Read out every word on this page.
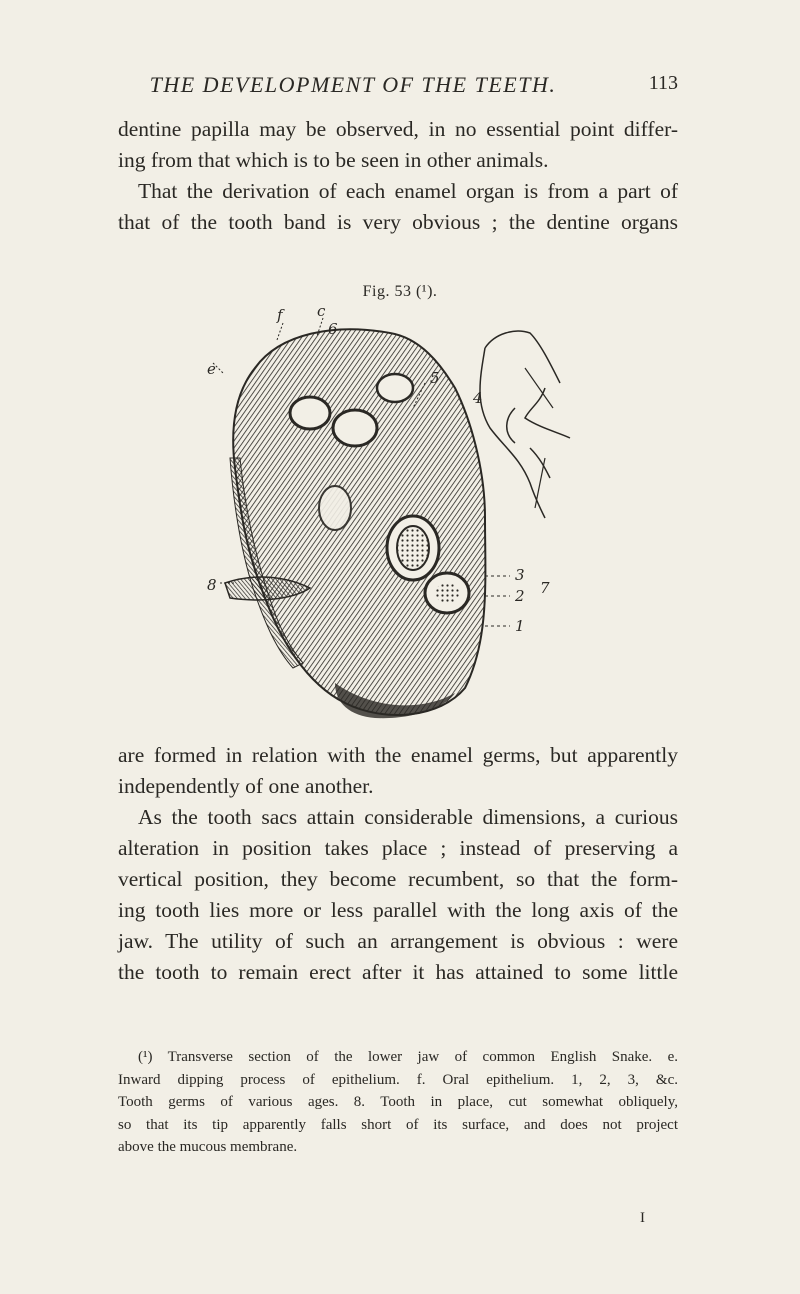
THE DEVELOPMENT OF THE TEETH.	113

dentine papilla may be observed, in no essential point differ-
ing from that which is to be seen in other animals.
That the derivation of each enamel organ is from a part of
that of the tooth band is very obvious ; the dentine organs

Fig. 53 (¹).
f c
6
5
4
e
8
3
2
1
7

are formed in relation with the enamel germs, but apparently
independently of one another.
As the tooth sacs attain considerable dimensions, a curious
alteration in position takes place ; instead of preserving a
vertical position, they become recumbent, so that the form-
ing tooth lies more or less parallel with the long axis of the
jaw. The utility of such an arrangement is obvious : were
the tooth to remain erect after it has attained to some little

(¹) Transverse section of the lower jaw of common English Snake. e.
Inward dipping process of epithelium. f. Oral epithelium. 1, 2, 3, &c.
Tooth germs of various ages. 8. Tooth in place, cut somewhat obliquely,
so that its tip apparently falls short of its surface, and does not project
above the mucous membrane.

I
